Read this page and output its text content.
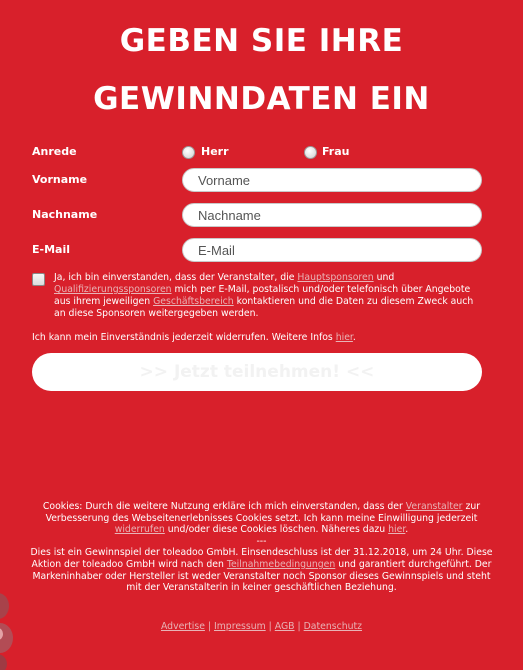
GEBEN SIE IHRE
GEWINNDATEN EIN
Anrede	Herr	Frau
Vorname
Vorname
Nachname
Nachname
E-Mail
E-Mail
Ja, ich bin einverstanden, dass der Veranstalter, die Hauptsponsoren und Qualifizierungssponsoren mich per E-Mail, postalisch und/oder telefonisch über Angebote aus ihrem jeweiligen Geschäftsbereich kontaktieren und die Daten zu diesem Zweck auch an diese Sponsoren weitergegeben werden.
Ich kann mein Einverständnis jederzeit widerrufen. Weitere Infos hier.
>> Jetzt teilnehmen! <<
Cookies: Durch die weitere Nutzung erkläre ich mich einverstanden, dass der Veranstalter zur Verbesserung des Webseitenerlebnisses Cookies setzt. Ich kann meine Einwilligung jederzeit widerrufen und/oder diese Cookies löschen. Näheres dazu hier.
---
Dies ist ein Gewinnspiel der toleadoo GmbH. Einsendeschluss ist der 31.12.2018, um 24 Uhr. Diese Aktion der toleadoo GmbH wird nach den Teilnahmebedingungen und garantiert durchgeführt. Der Markeninhaber oder Hersteller ist weder Veranstalter noch Sponsor dieses Gewinnspiels und steht mit der Veranstalterin in keiner geschäftlichen Beziehung.
Advertise | Impressum | AGB | Datenschutz
